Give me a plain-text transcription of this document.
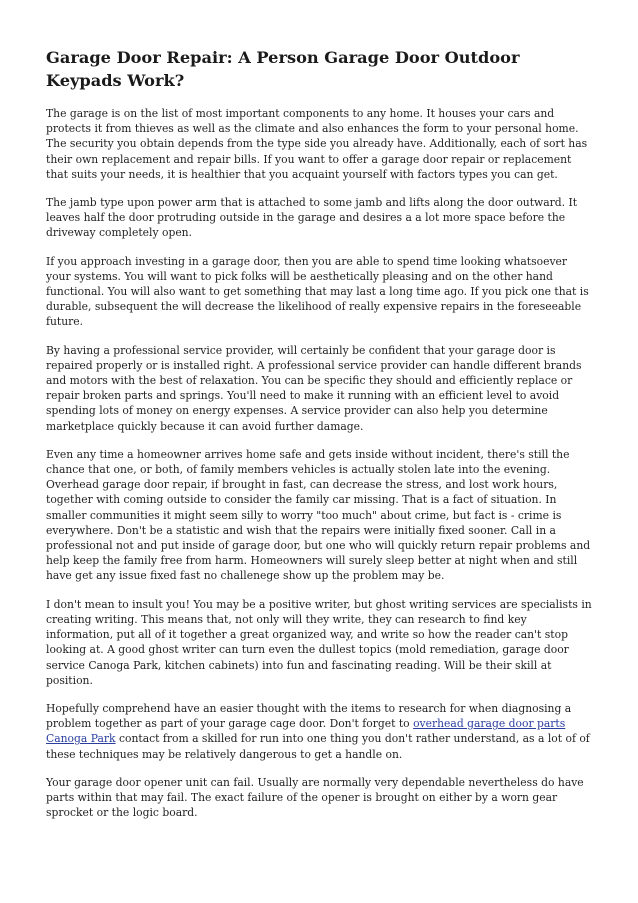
Garage Door Repair: A Person Garage Door Outdoor Keypads Work?

The garage is on the list of most important components to any home. It houses your cars and protects it from thieves as well as the climate and also enhances the form to your personal home. The security you obtain depends from the type side you already have. Additionally, each of sort has their own replacement and repair bills. If you want to offer a garage door repair or replacement that suits your needs, it is healthier that you acquaint yourself with factors types you can get.

The jamb type upon power arm that is attached to some jamb and lifts along the door outward. It leaves half the door protruding outside in the garage and desires a a lot more space before the driveway completely open.

If you approach investing in a garage door, then you are able to spend time looking whatsoever your systems. You will want to pick folks will be aesthetically pleasing and on the other hand functional. You will also want to get something that may last a long time ago. If you pick one that is durable, subsequent the will decrease the likelihood of really expensive repairs in the foreseeable future.

By having a professional service provider, will certainly be confident that your garage door is repaired properly or is installed right. A professional service provider can handle different brands and motors with the best of relaxation. You can be specific they should and efficiently replace or repair broken parts and springs. You'll need to make it running with an efficient level to avoid spending lots of money on energy expenses. A service provider can also help you determine marketplace quickly because it can avoid further damage.

Even any time a homeowner arrives home safe and gets inside without incident, there's still the chance that one, or both, of family members vehicles is actually stolen late into the evening. Overhead garage door repair, if brought in fast, can decrease the stress, and lost work hours, together with coming outside to consider the family car missing. That is a fact of situation. In smaller communities it might seem silly to worry "too much" about crime, but fact is - crime is everywhere. Don't be a statistic and wish that the repairs were initially fixed sooner. Call in a professional not and put inside of garage door, but one who will quickly return repair problems and help keep the family free from harm. Homeowners will surely sleep better at night when and still have get any issue fixed fast no challenege show up the problem may be.

I don't mean to insult you! You may be a positive writer, but ghost writing services are specialists in creating writing. This means that, not only will they write, they can research to find key information, put all of it together a great organized way, and write so how the reader can't stop looking at. A good ghost writer can turn even the dullest topics (mold remediation, garage door service Canoga Park, kitchen cabinets) into fun and fascinating reading. Will be their skill at position.

Hopefully comprehend have an easier thought with the items to research for when diagnosing a problem together as part of your garage cage door. Don't forget to overhead garage door parts Canoga Park contact from a skilled for run into one thing you don't rather understand, as a lot of of these techniques may be relatively dangerous to get a handle on.

Your garage door opener unit can fail. Usually are normally very dependable nevertheless do have parts within that may fail. The exact failure of the opener is brought on either by a worn gear sprocket or the logic board.
